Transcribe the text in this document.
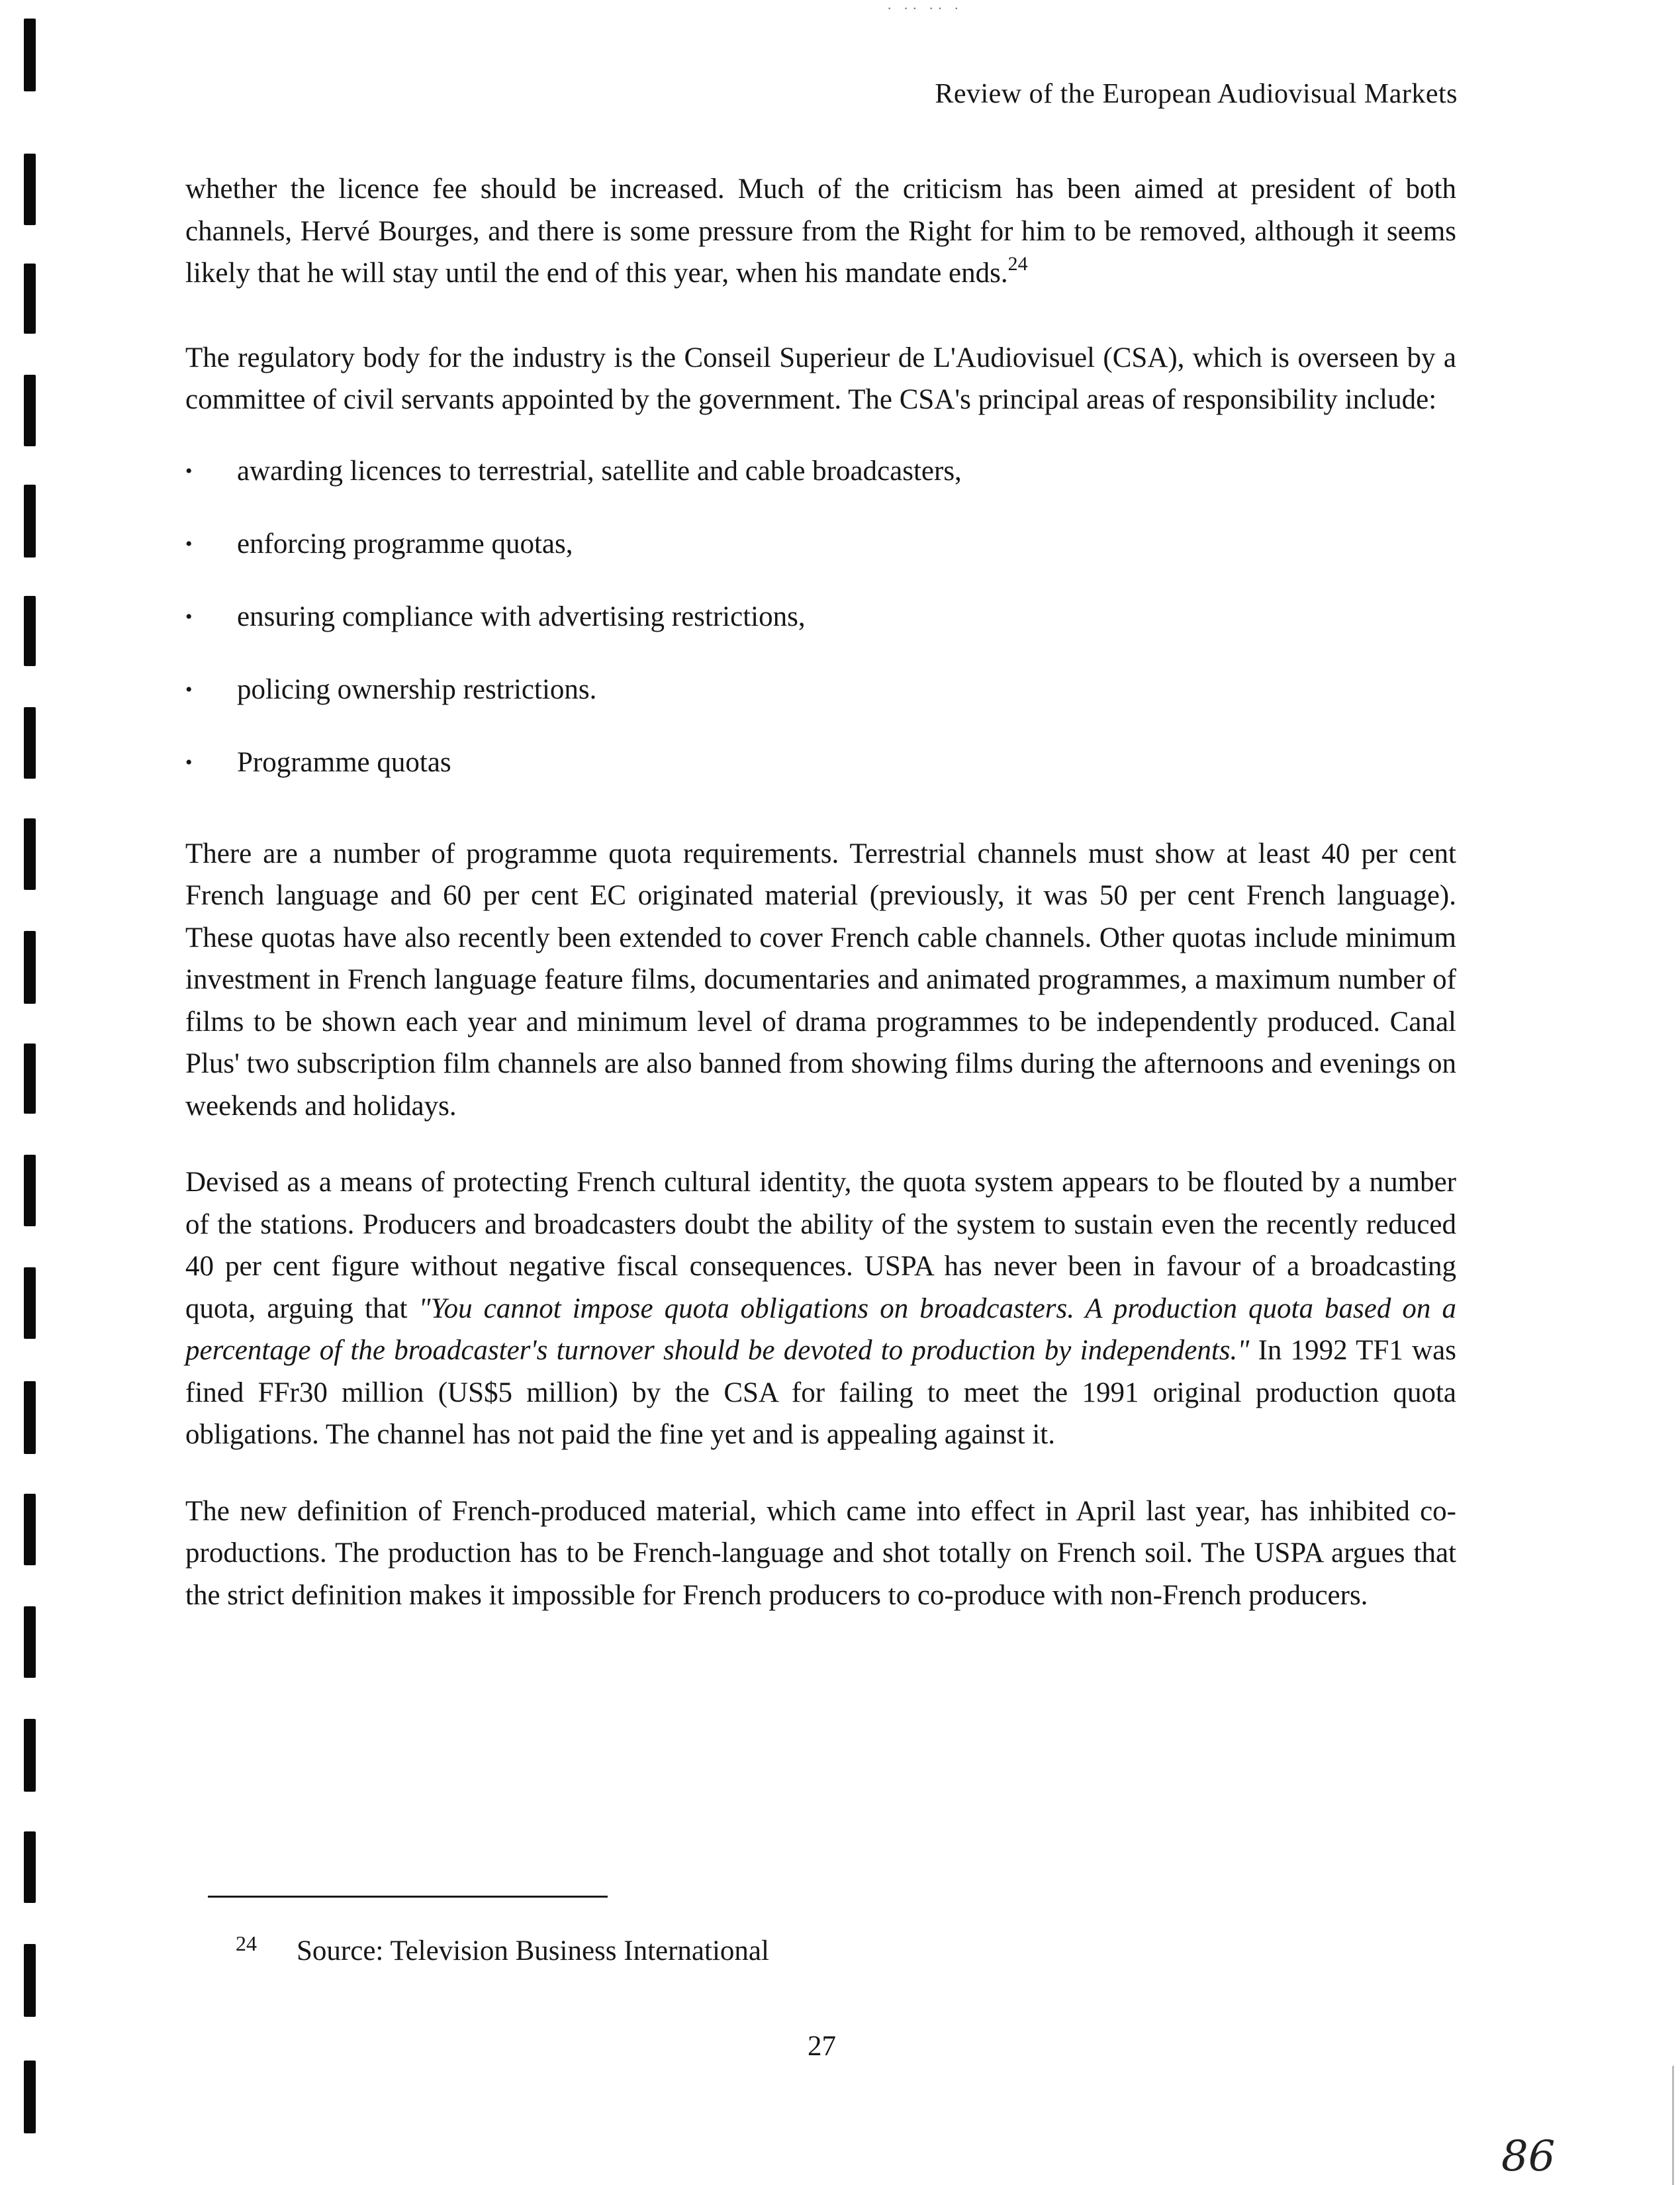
· ·· ·· ·
Review of the European Audiovisual Markets

whether the licence fee should be increased. Much of the criticism has been aimed at president of both channels, Hervé Bourges, and there is some pressure from the Right for him to be removed, although it seems likely that he will stay until the end of this year, when his mandate ends.$^{24}$

The regulatory body for the industry is the Conseil Superieur de L'Audiovisuel (CSA), which is overseen by a committee of civil servants appointed by the government. The CSA's principal areas of responsibility include:

• awarding licences to terrestrial, satellite and cable broadcasters,
• enforcing programme quotas,
• ensuring compliance with advertising restrictions,
• policing ownership restrictions.
• Programme quotas

There are a number of programme quota requirements. Terrestrial channels must show at least 40 per cent French language and 60 per cent EC originated material (previously, it was 50 per cent French language). These quotas have also recently been extended to cover French cable channels. Other quotas include minimum investment in French language feature films, documentaries and animated programmes, a maximum number of films to be shown each year and minimum level of drama programmes to be independently produced. Canal Plus' two subscription film channels are also banned from showing films during the afternoons and evenings on weekends and holidays.

Devised as a means of protecting French cultural identity, the quota system appears to be flouted by a number of the stations. Producers and broadcasters doubt the ability of the system to sustain even the recently reduced 40 per cent figure without negative fiscal consequences. USPA has never been in favour of a broadcasting quota, arguing that "You cannot impose quota obligations on broadcasters. A production quota based on a percentage of the broadcaster's turnover should be devoted to production by independents." In 1992 TF1 was fined FFr30 million (US$5 million) by the CSA for failing to meet the 1991 original production quota obligations. The channel has not paid the fine yet and is appealing against it.

The new definition of French-produced material, which came into effect in April last year, has inhibited co-productions. The production has to be French-language and shot totally on French soil. The USPA argues that the strict definition makes it impossible for French producers to co-produce with non-French producers.

$^{24}$ Source: Television Business International
27
86
